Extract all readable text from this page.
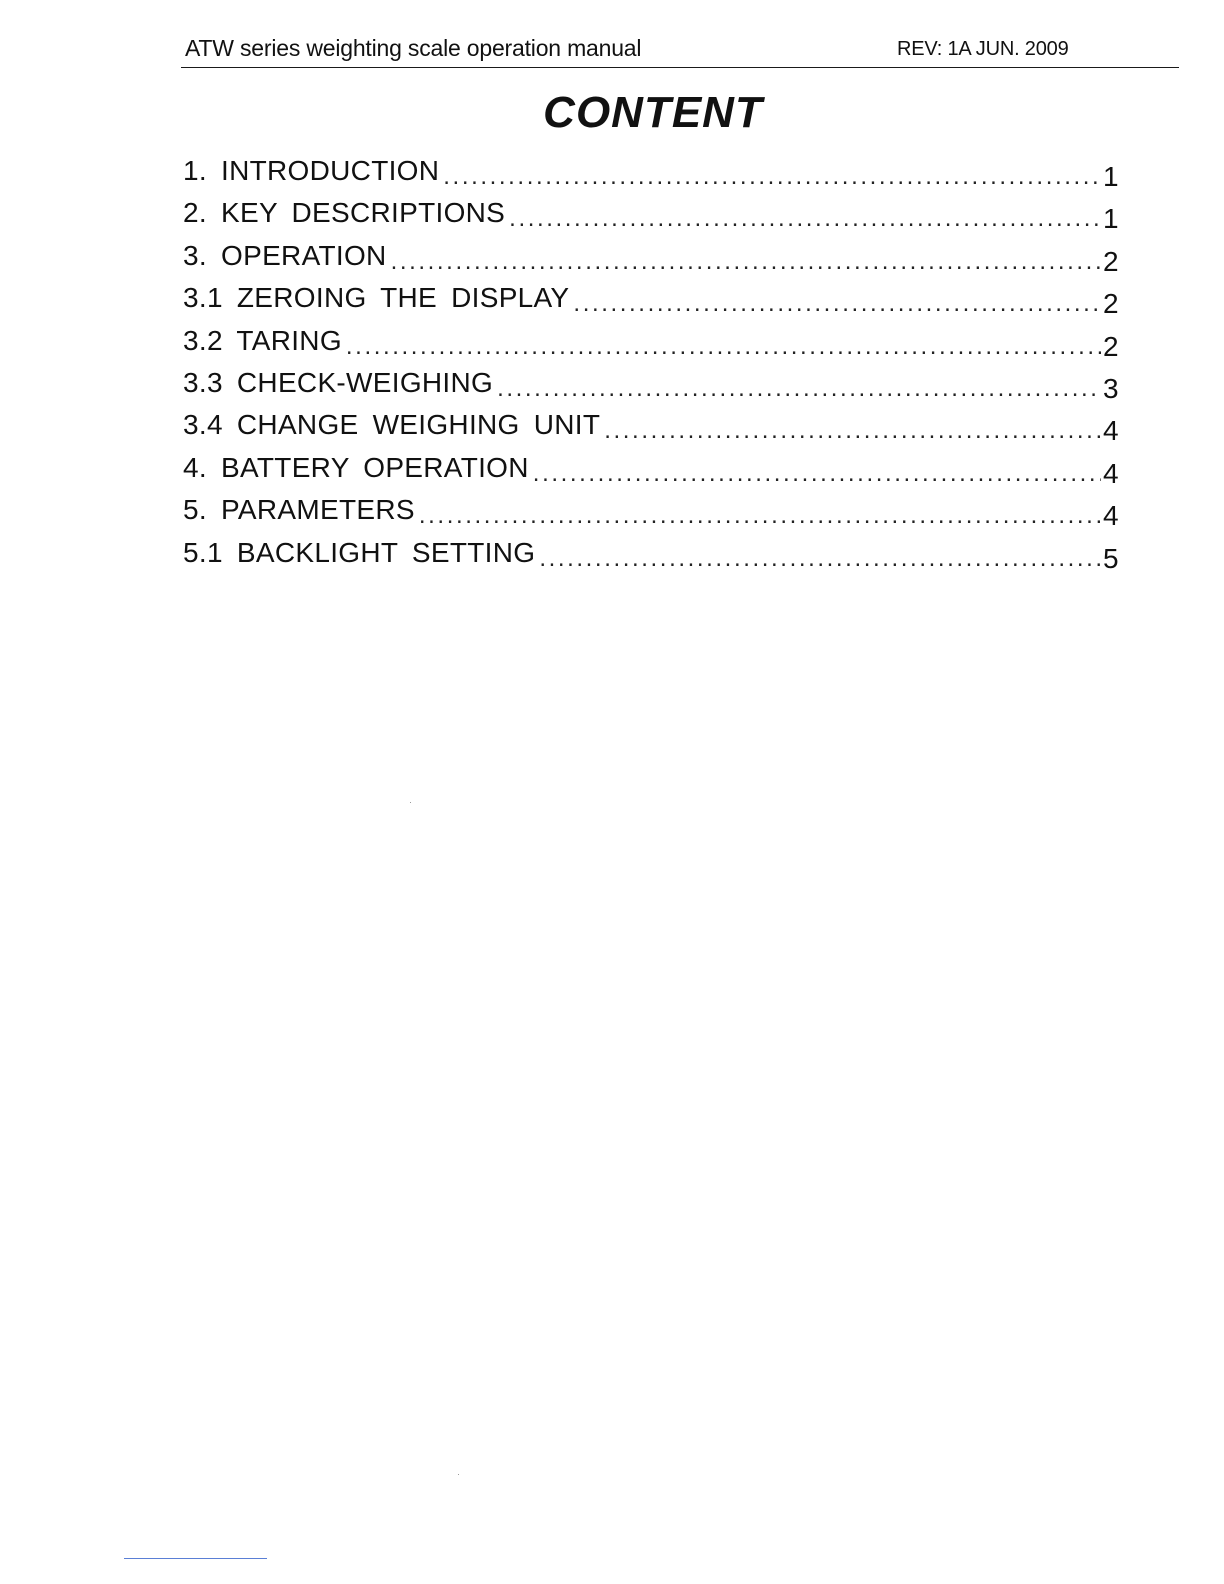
ATW series weighting scale operation manual	REV: 1A JUN. 2009
CONTENT
1. INTRODUCTION .....	1
2. KEY DESCRIPTIONS .....	1
3. OPERATION .....	2
3.1 ZEROING THE DISPLAY .....	2
3.2 TARING .....	2
3.3 CHECK-WEIGHING .....	3
3.4 CHANGE WEIGHING UNIT .....	4
4. BATTERY OPERATION .....	4
5. PARAMETERS .....	4
5.1 BACKLIGHT SETTING .....	5
